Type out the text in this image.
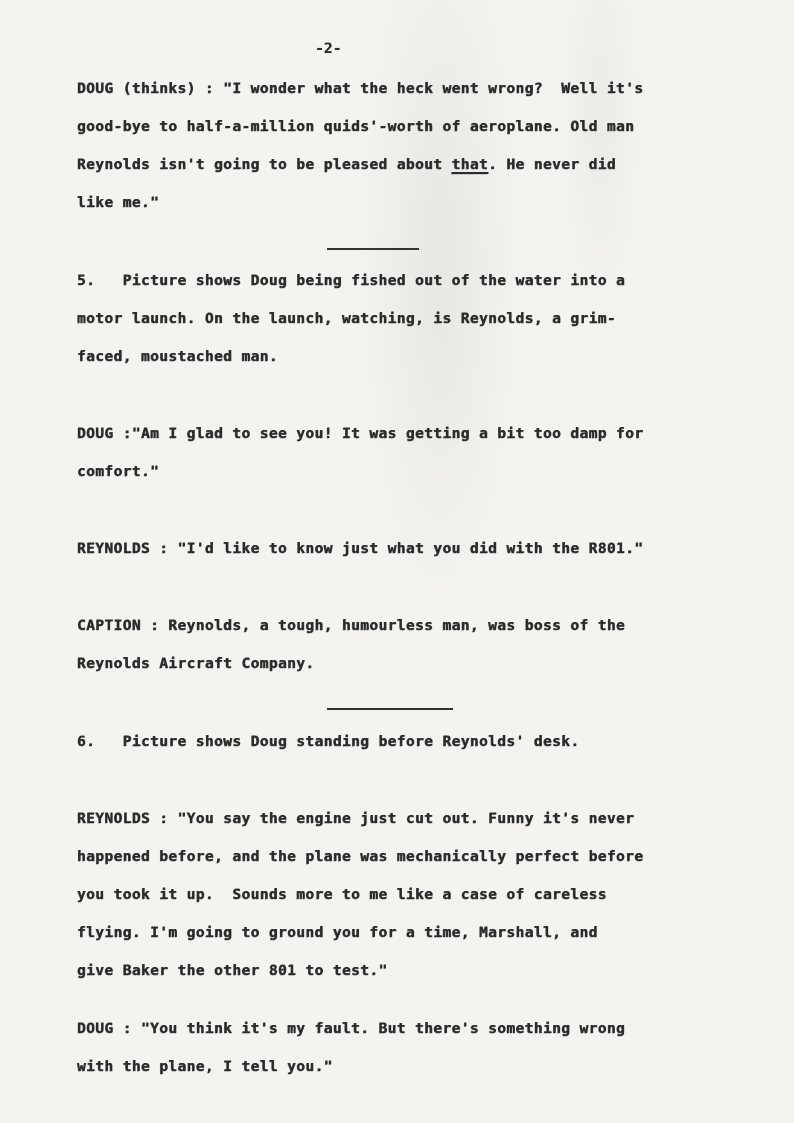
-2-
DOUG (thinks) : "I wonder what the heck went wrong?  Well it's
good-bye to half-a-million quids'-worth of aeroplane. Old man
Reynolds isn't going to be pleased about that. He never did
like me."
5.   Picture shows Doug being fished out of the water into a
motor launch. On the launch, watching, is Reynolds, a grim-
faced, moustached man.
DOUG :"Am I glad to see you! It was getting a bit too damp for
comfort."
REYNOLDS : "I'd like to know just what you did with the R801."
CAPTION : Reynolds, a tough, humourless man, was boss of the
Reynolds Aircraft Company.
6.   Picture shows Doug standing before Reynolds' desk.
REYNOLDS : "You say the engine just cut out. Funny it's never
happened before, and the plane was mechanically perfect before
you took it up.  Sounds more to me like a case of careless
flying. I'm going to ground you for a time, Marshall, and
give Baker the other 801 to test."
DOUG : "You think it's my fault. But there's something wrong
with the plane, I tell you."
